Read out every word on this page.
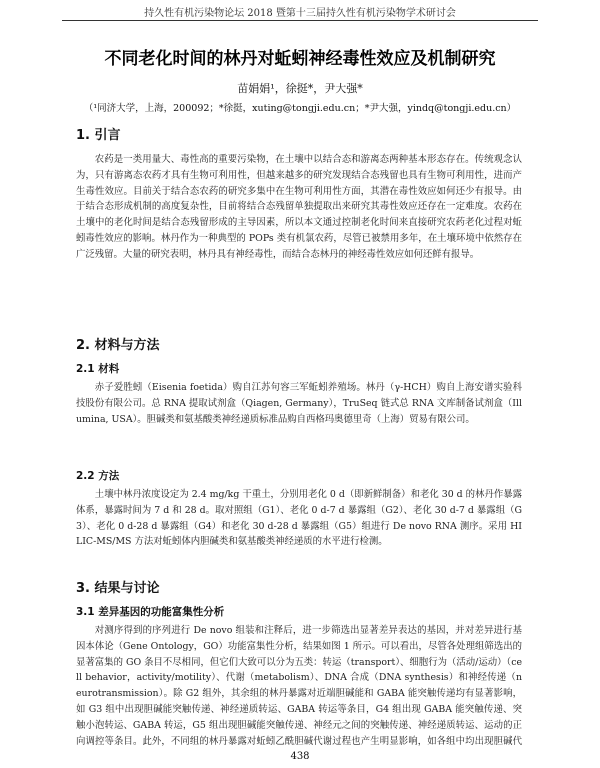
持久性有机污染物论坛 2018 暨第十三届持久性有机污染物学术研讨会
不同老化时间的林丹对蚯蚓神经毒性效应及机制研究
苗娟娟¹，徐挺*，尹大强*
（¹同济大学，上海，200092；*徐挺，xuting@tongji.edu.cn；*尹大强，yindq@tongji.edu.cn）
1. 引言

农药是一类用量大、毒性高的重要污染物，在土壤中以结合态和游离态两种基本形态存在。传统观念认为，只有游离态农药才具有生物可利用性，但越来越多的研究发现结合态残留也具有生物可利用性，进而产生毒性效应。目前关于结合态农药的研究多集中在生物可利用性方面，其潜在毒性效应如何还少有报导。由于结合态形成机制的高度复杂性，目前将结合态残留单独提取出来研究其毒性效应还存在一定难度。农药在土壤中的老化时间是结合态残留形成的主导因素，所以本文通过控制老化时间来直接研究农药老化过程对蚯蚓毒性效应的影响。林丹作为一种典型的 POPs 类有机氯农药，尽管已被禁用多年，在土壤环境中依然存在广泛残留。大量的研究表明，林丹具有神经毒性，而结合态林丹的神经毒性效应如何还鲜有报导。

2. 材料与方法
2.1 材料

赤子爱胜蚓（Eisenia foetida）购自江苏句容三军蚯蚓养殖场。林丹（γ-HCH）购自上海安谱实验科技股份有限公司。总 RNA 提取试剂盒（Qiagen, Germany），TruSeq 链式总 RNA 文库制备试剂盒（Illumina, USA）。胆碱类和氨基酸类神经递质标准品购自西格玛奥德里奇（上海）贸易有限公司。

2.2 方法

土壤中林丹浓度设定为 2.4 mg/kg 干重土，分别用老化 0 d（即新鲜制备）和老化 30 d 的林丹作暴露体系，暴露时间为 7 d 和 28 d。取对照组（G1）、老化 0 d-7 d 暴露组（G2）、老化 30 d-7 d 暴露组（G3）、老化 0 d-28 d 暴露组（G4）和老化 30 d-28 d 暴露组（G5）组进行 De novo RNA 测序。采用 HILIC-MS/MS 方法对蚯蚓体内胆碱类和氨基酸类神经递质的水平进行检测。

3. 结果与讨论
3.1 差异基因的功能富集性分析

对测序得到的序列进行 De novo 组装和注释后，进一步筛选出显著差异表达的基因，并对差异进行基因本体论（Gene Ontology，GO）功能富集性分析，结果如图 1 所示。可以看出，尽管各处理组筛选出的显著富集的 GO 条目不尽相同，但它们大致可以分为五类：转运（transport）、细胞行为（活动/运动）（cell behavior，activity/motility）、代谢（metabolism）、DNA 合成（DNA synthesis）和神经传递（neurotransmission）。除 G2 组外，其余组的林丹暴露对近端胆碱能和 GABA 能突触传递均有显著影响，如 G3 组中出现胆碱能突触传递、神经递质转运、GABA 转运等条目，G4 组出现 GABA 能突触传递、突触小泡转运、GABA 转运，G5 组出现胆碱能突触传递、神经元之间的突触传递、神经递质转运、运动的正向调控等条目。此外，不同组的林丹暴露对蚯蚓乙酰胆碱代谢过程也产生明显影响，如各组中均出现胆碱代

438
